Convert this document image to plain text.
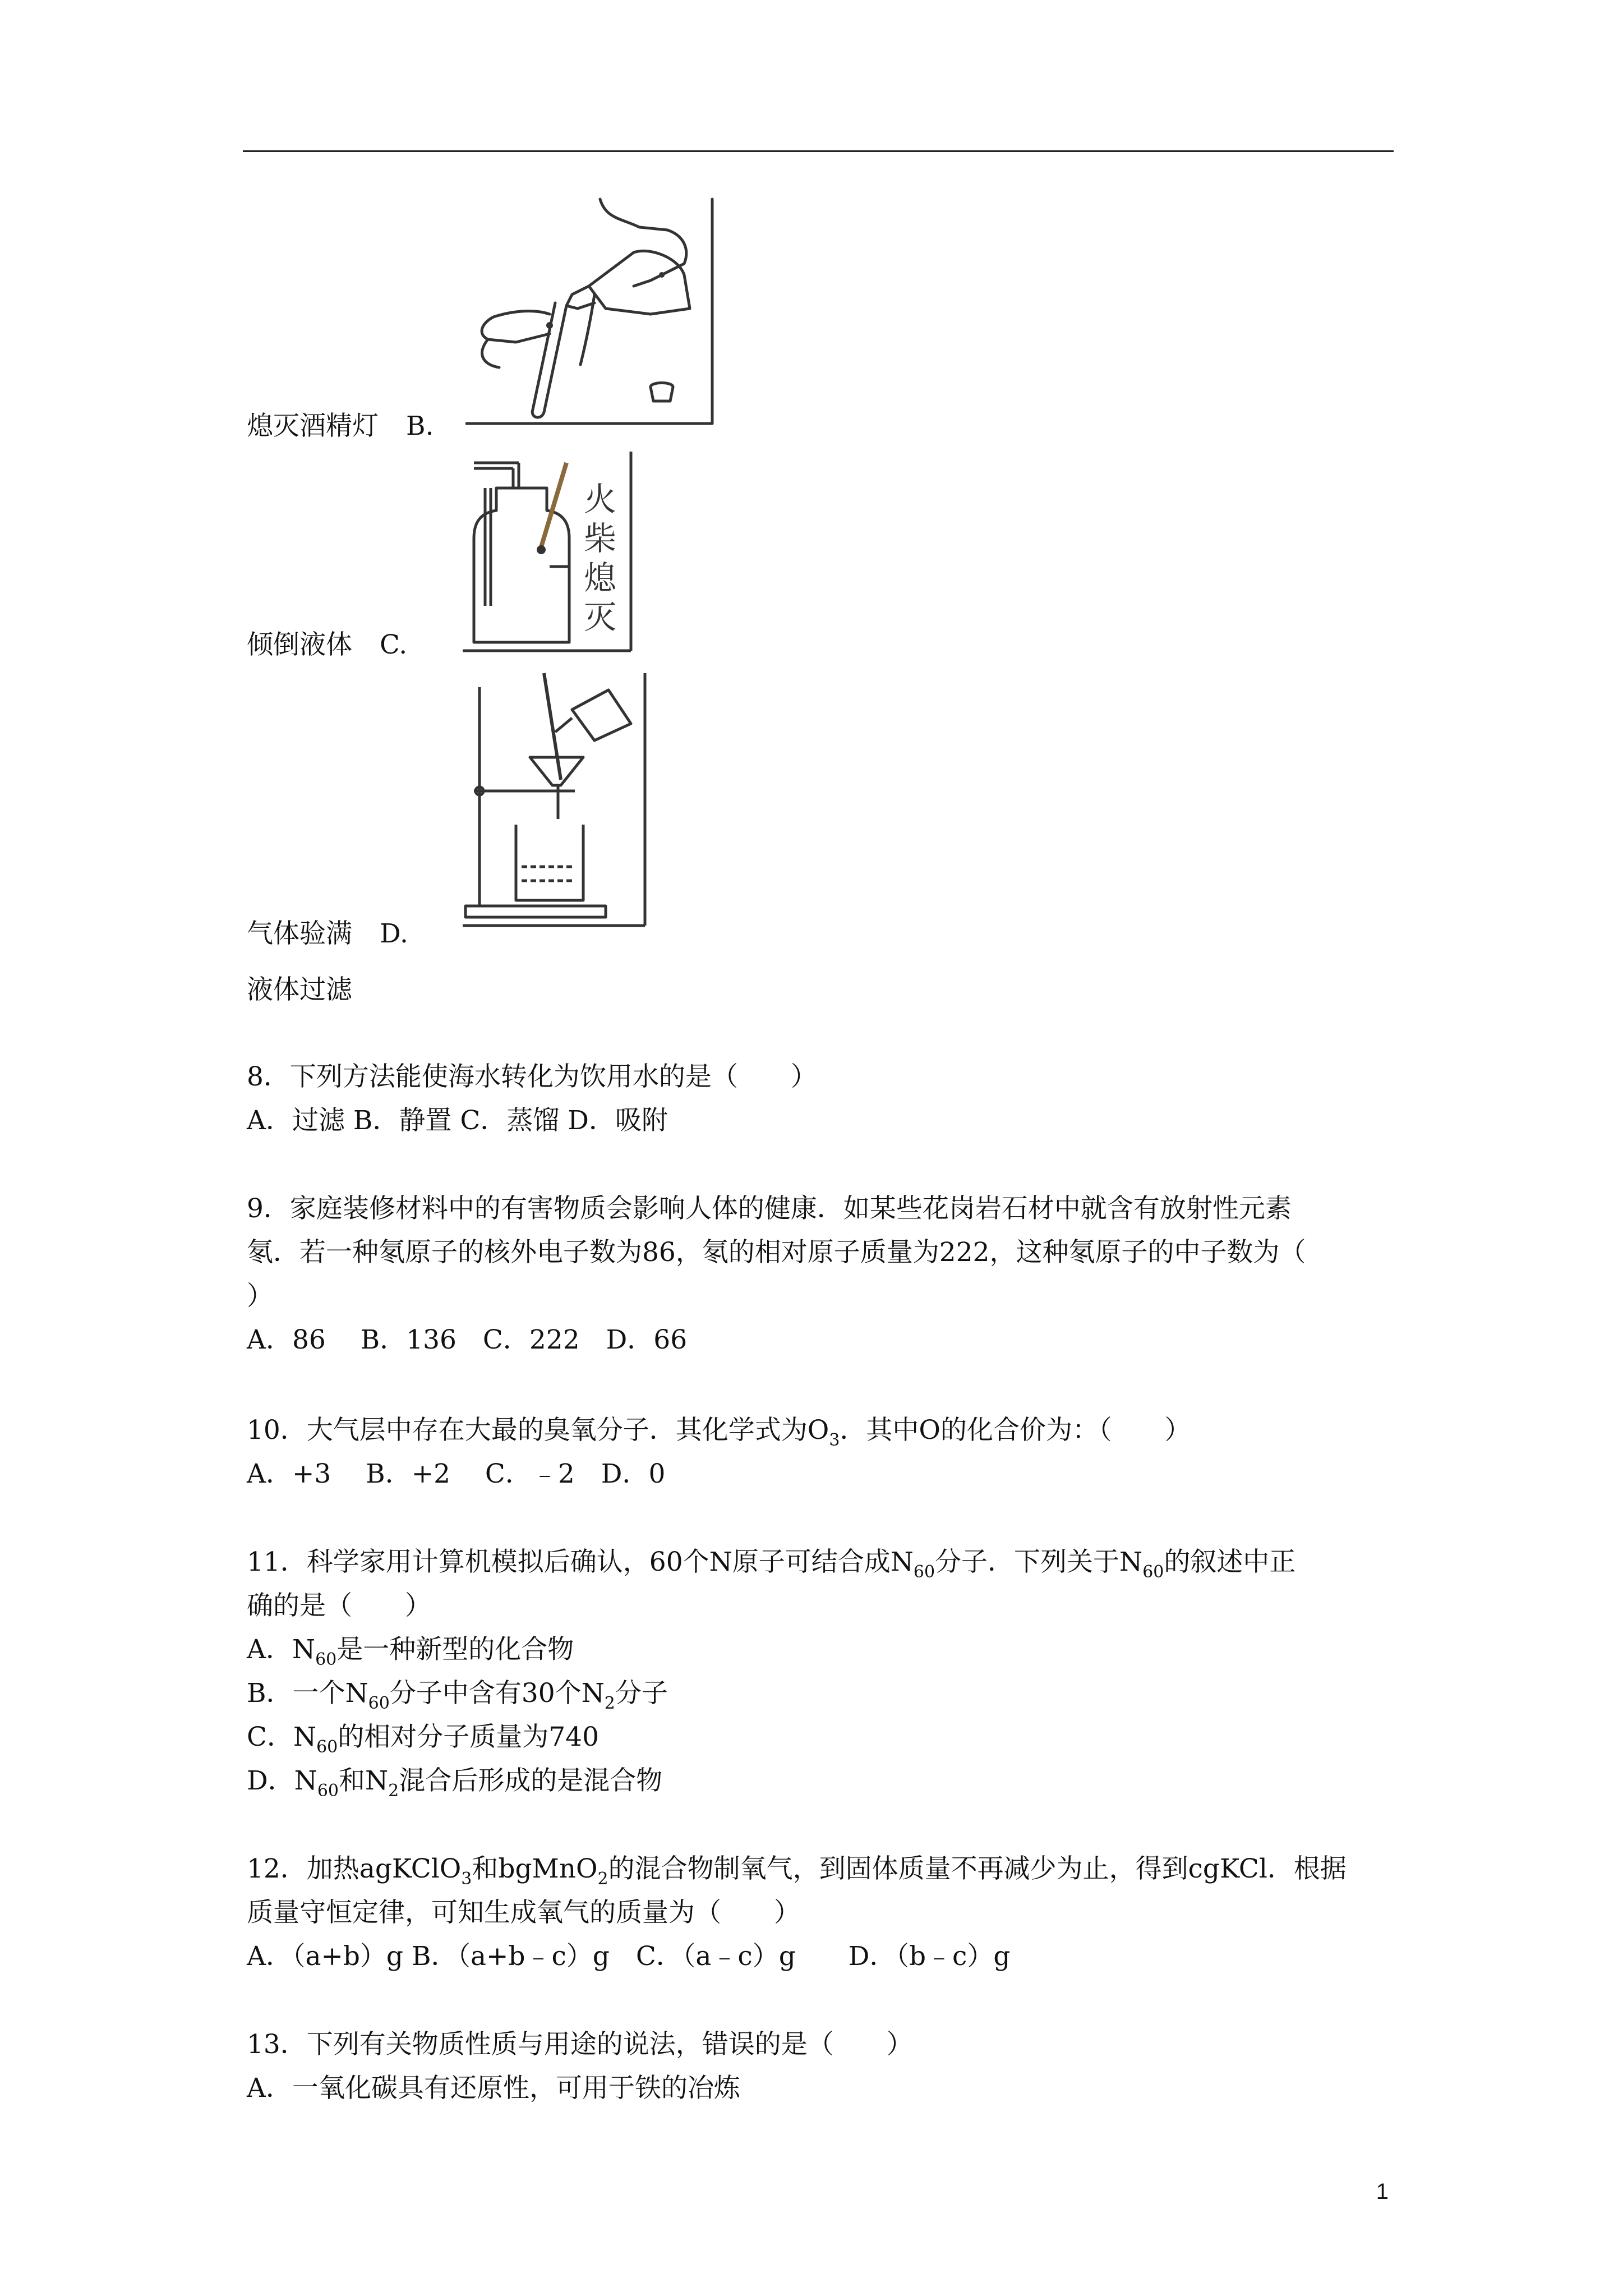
熄灭酒精灯 B.
倾倒液体 C.
火
柴
熄
灭
气体验满 D.
液体过滤
8．下列方法能使海水转化为饮用水的是（　　）
A．过滤 B．静置 C．蒸馏 D．吸附
9．家庭装修材料中的有害物质会影响人体的健康．如某些花岗岩石材中就含有放射性元素
氡．若一种氡原子的核外电子数为86，氡的相对原子质量为222，这种氡原子的中子数为（
）
A．86　 B．136　C．222　D．66
10．大气层中存在大最的臭氧分子．其化学式为$O_3$．其中O的化合价为：（　　）
A．+3　 B．+2　 C．﹣2　D．0
11．科学家用计算机模拟后确认，60个N原子可结合成$N_{60}$分子．下列关于$N_{60}$的叙述中正
确的是（　　）
A．$N_{60}$是一种新型的化合物
B．一个$N_{60}$分子中含有30个$N_2$分子
C．$N_{60}$的相对分子质量为740
D．$N_{60}$和$N_2$混合后形成的是混合物
12．加热agKClO$_3$和bgMnO$_2$的混合物制氧气，到固体质量不再减少为止，得到cgKCl．根据
质量守恒定律，可知生成氧气的质量为（　　）
A．（a+b）g B．（a+b﹣c）g　C．（a﹣c）g　　D．（b﹣c）g
13．下列有关物质性质与用途的说法，错误的是（　　）
A．一氧化碳具有还原性，可用于铁的冶炼
1
